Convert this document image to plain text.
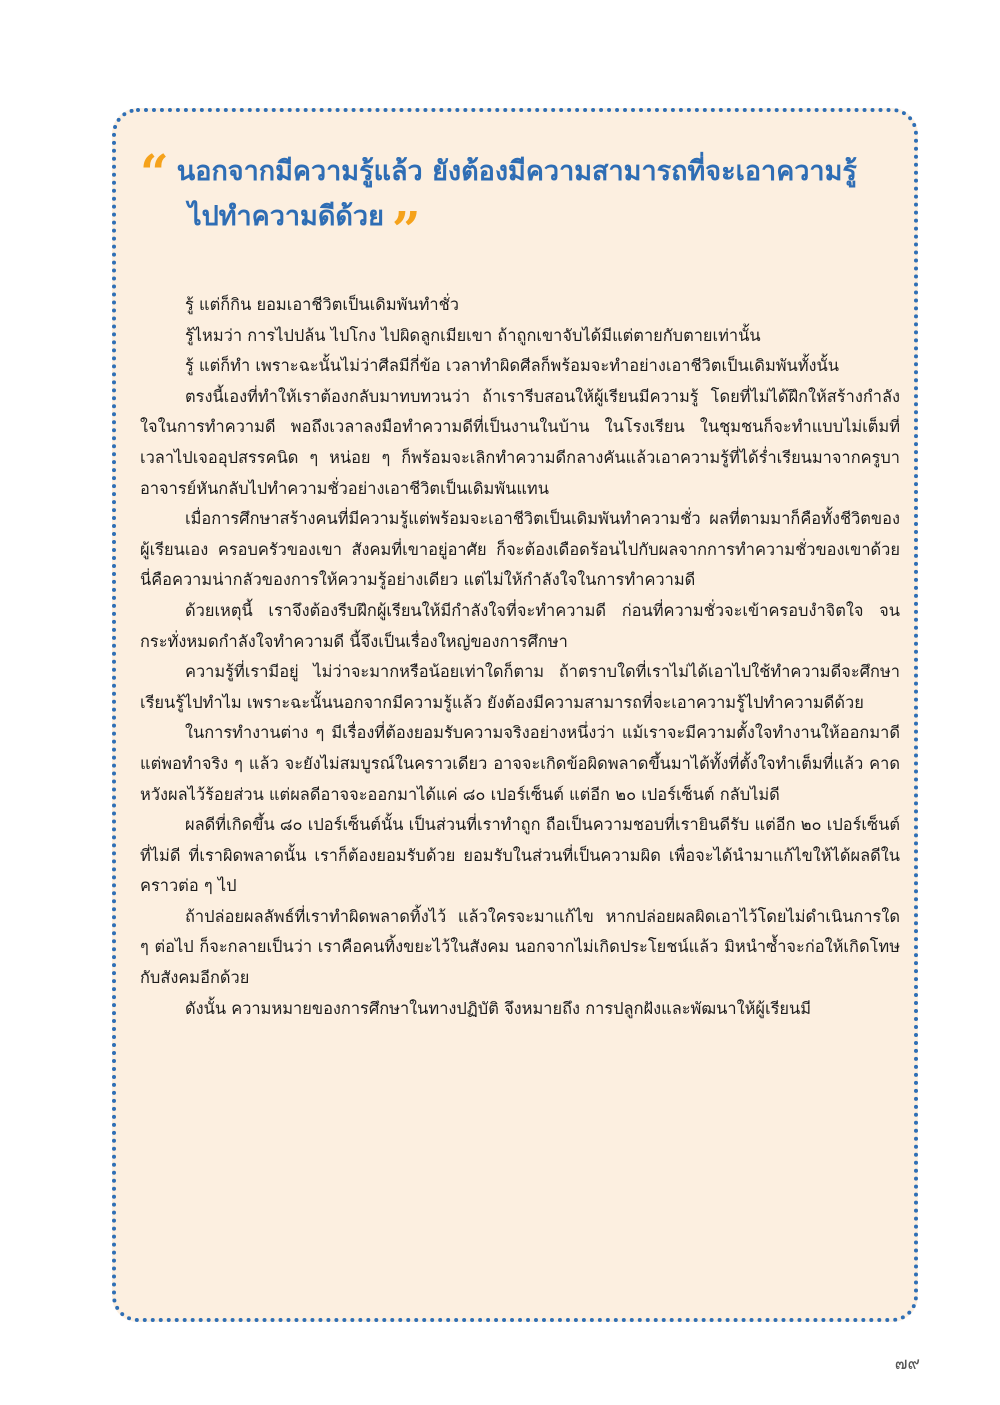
“ นอกจากมีความรู้แล้ว ยังต้องมีความสามารถที่จะเอาความรู้
ไปทำความดีด้วย ”

รู้ แต่ก็กิน ยอมเอาชีวิตเป็นเดิมพันทำชั่ว

รู้ไหมว่า การไปปล้น ไปโกง ไปผิดลูกเมียเขา ถ้าถูกเขาจับได้มีแต่ตายกับตายเท่านั้น

รู้ แต่ก็ทำ เพราะฉะนั้นไม่ว่าศีลมีกี่ข้อ เวลาทำผิดศีลก็พร้อมจะทำอย่างเอาชีวิตเป็นเดิมพันทั้งนั้น

ตรงนี้เองที่ทำให้เราต้องกลับมาทบทวนว่า ถ้าเรารีบสอนให้ผู้เรียนมีความรู้ โดยที่ไม่ได้ฝึกให้สร้างกำลังใจในการทำความดี พอถึงเวลาลงมือทำความดีที่เป็นงานในบ้าน ในโรงเรียน ในชุมชนก็จะทำแบบไม่เต็มที่ เวลาไปเจออุปสรรคนิด ๆ หน่อย ๆ ก็พร้อมจะเลิกทำความดีกลางคันแล้วเอาความรู้ที่ได้ร่ำเรียนมาจากครูบาอาจารย์หันกลับไปทำความชั่วอย่างเอาชีวิตเป็นเดิมพันแทน

เมื่อการศึกษาสร้างคนที่มีความรู้แต่พร้อมจะเอาชีวิตเป็นเดิมพันทำความชั่ว ผลที่ตามมาก็คือทั้งชีวิตของผู้เรียนเอง ครอบครัวของเขา สังคมที่เขาอยู่อาศัย ก็จะต้องเดือดร้อนไปกับผลจากการทำความชั่วของเขาด้วย นี่คือความน่ากลัวของการให้ความรู้อย่างเดียว แต่ไม่ให้กำลังใจในการทำความดี

ด้วยเหตุนี้ เราจึงต้องรีบฝึกผู้เรียนให้มีกำลังใจที่จะทำความดี ก่อนที่ความชั่วจะเข้าครอบงำจิตใจ จนกระทั่งหมดกำลังใจทำความดี นี้จึงเป็นเรื่องใหญ่ของการศึกษา

ความรู้ที่เรามีอยู่ ไม่ว่าจะมากหรือน้อยเท่าใดก็ตาม ถ้าตราบใดที่เราไม่ได้เอาไปใช้ทำความดีจะศึกษาเรียนรู้ไปทำไม เพราะฉะนั้นนอกจากมีความรู้แล้ว ยังต้องมีความสามารถที่จะเอาความรู้ไปทำความดีด้วย

ในการทำงานต่าง ๆ มีเรื่องที่ต้องยอมรับความจริงอย่างหนึ่งว่า แม้เราจะมีความตั้งใจทำงานให้ออกมาดี แต่พอทำจริง ๆ แล้ว จะยังไม่สมบูรณ์ในคราวเดียว อาจจะเกิดข้อผิดพลาดขึ้นมาได้ทั้งที่ตั้งใจทำเต็มที่แล้ว คาดหวังผลไว้ร้อยส่วน แต่ผลดีอาจจะออกมาได้แค่ ๘๐ เปอร์เซ็นต์ แต่อีก ๒๐ เปอร์เซ็นต์ กลับไม่ดี

ผลดีที่เกิดขึ้น ๘๐ เปอร์เซ็นต์นั้น เป็นส่วนที่เราทำถูก ถือเป็นความชอบที่เรายินดีรับ แต่อีก ๒๐ เปอร์เซ็นต์ ที่ไม่ดี ที่เราผิดพลาดนั้น เราก็ต้องยอมรับด้วย ยอมรับในส่วนที่เป็นความผิด เพื่อจะได้นำมาแก้ไขให้ได้ผลดีในคราวต่อ ๆ ไป

ถ้าปล่อยผลลัพธ์ที่เราทำผิดพลาดทิ้งไว้ แล้วใครจะมาแก้ไข หากปล่อยผลผิดเอาไว้โดยไม่ดำเนินการใด ๆ ต่อไป ก็จะกลายเป็นว่า เราคือคนทิ้งขยะไว้ในสังคม นอกจากไม่เกิดประโยชน์แล้ว มิหนำซ้ำจะก่อให้เกิดโทษกับสังคมอีกด้วย

ดังนั้น ความหมายของการศึกษาในทางปฏิบัติ จึงหมายถึง การปลูกฝังและพัฒนาให้ผู้เรียนมี

๗๙
